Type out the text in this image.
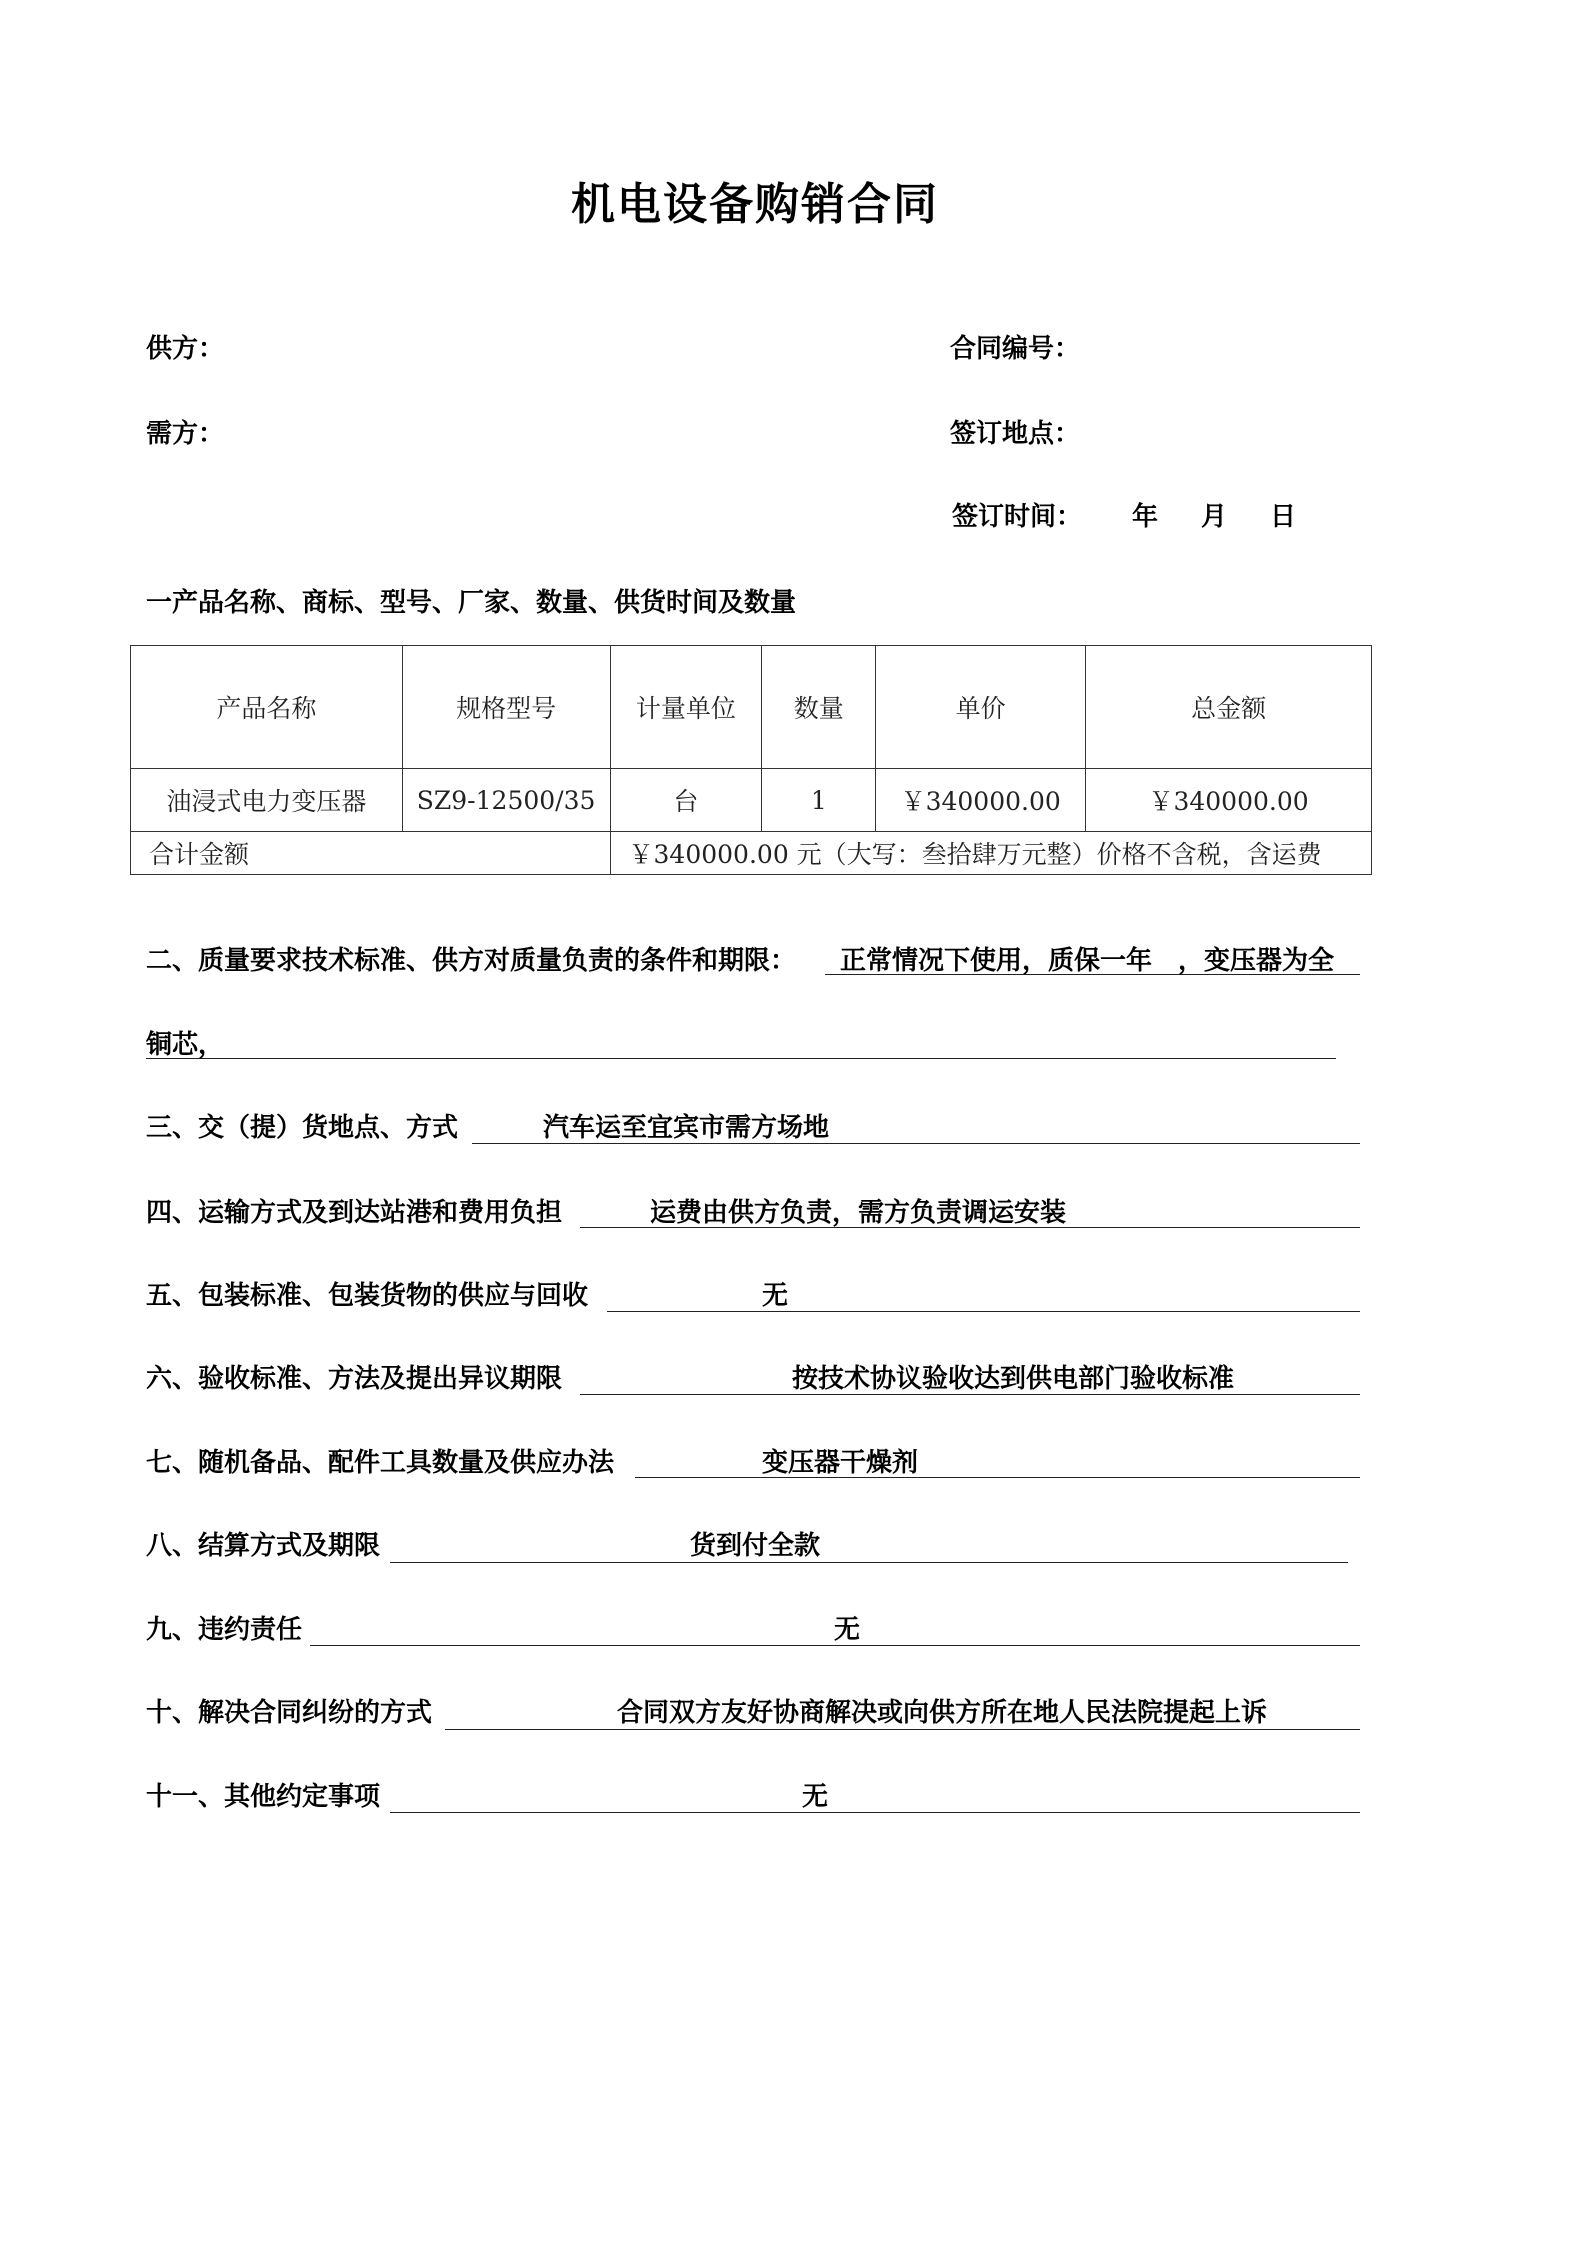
机电设备购销合同
供方：	合同编号：
需方：	签订地点：
签订时间： 年 月 日
一产品名称、商标、型号、厂家、数量、供货时间及数量
产品名称	规格型号	计量单位	数量	单价	总金额
油浸式电力变压器	SZ9-12500/35	台	1	￥340000.00	￥340000.00
合计金额		￥340000.00 元（大写：叁拾肆万元整）价格不含税，含运费			
二、质量要求技术标准、供方对质量负责的条件和期限： 正常情况下使用，质保一年　，变压器为全
铜芯，
三、交（提）货地点、方式	汽车运至宜宾市需方场地
四、运输方式及到达站港和费用负担	运费由供方负责，需方负责调运安装
五、包装标准、包装货物的供应与回收	无
六、验收标准、方法及提出异议期限	按技术协议验收达到供电部门验收标准
七、随机备品、配件工具数量及供应办法	变压器干燥剂
八、结算方式及期限	货到付全款
九、违约责任	无
十、解决合同纠纷的方式	合同双方友好协商解决或向供方所在地人民法院提起上诉
十一、其他约定事项	无
